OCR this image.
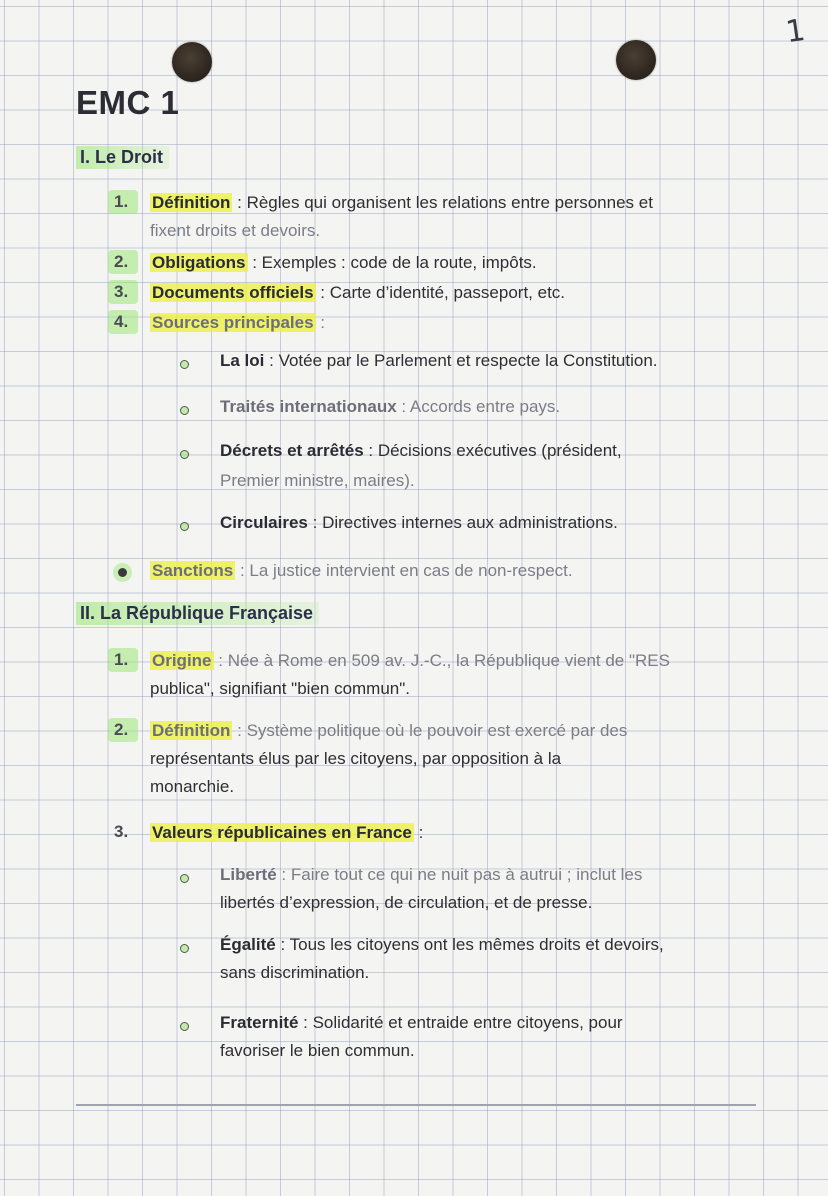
1
EMC 1
I. Le Droit
1. Définition : Règles qui organisent les relations entre personnes et
fixent droits et devoirs.
2. Obligations : Exemples : code de la route, impôts.
3. Documents officiels : Carte d’identité, passeport, etc.
4. Sources principales :
La loi : Votée par le Parlement et respecte la Constitution.
Traités internationaux : Accords entre pays.
Décrets et arrêtés : Décisions exécutives (président,
Premier ministre, maires).
Circulaires : Directives internes aux administrations.
Sanctions : La justice intervient en cas de non-respect.
II. La République Française
1. Origine : Née à Rome en 509 av. J.-C., la République vient de "RES
publica", signifiant "bien commun".
2. Définition : Système politique où le pouvoir est exercé par des
représentants élus par les citoyens, par opposition à la
monarchie.
3. Valeurs républicaines en France :
Liberté : Faire tout ce qui ne nuit pas à autrui ; inclut les
libertés d’expression, de circulation, et de presse.
Égalité : Tous les citoyens ont les mêmes droits et devoirs,
sans discrimination.
Fraternité : Solidarité et entraide entre citoyens, pour
favoriser le bien commun.
